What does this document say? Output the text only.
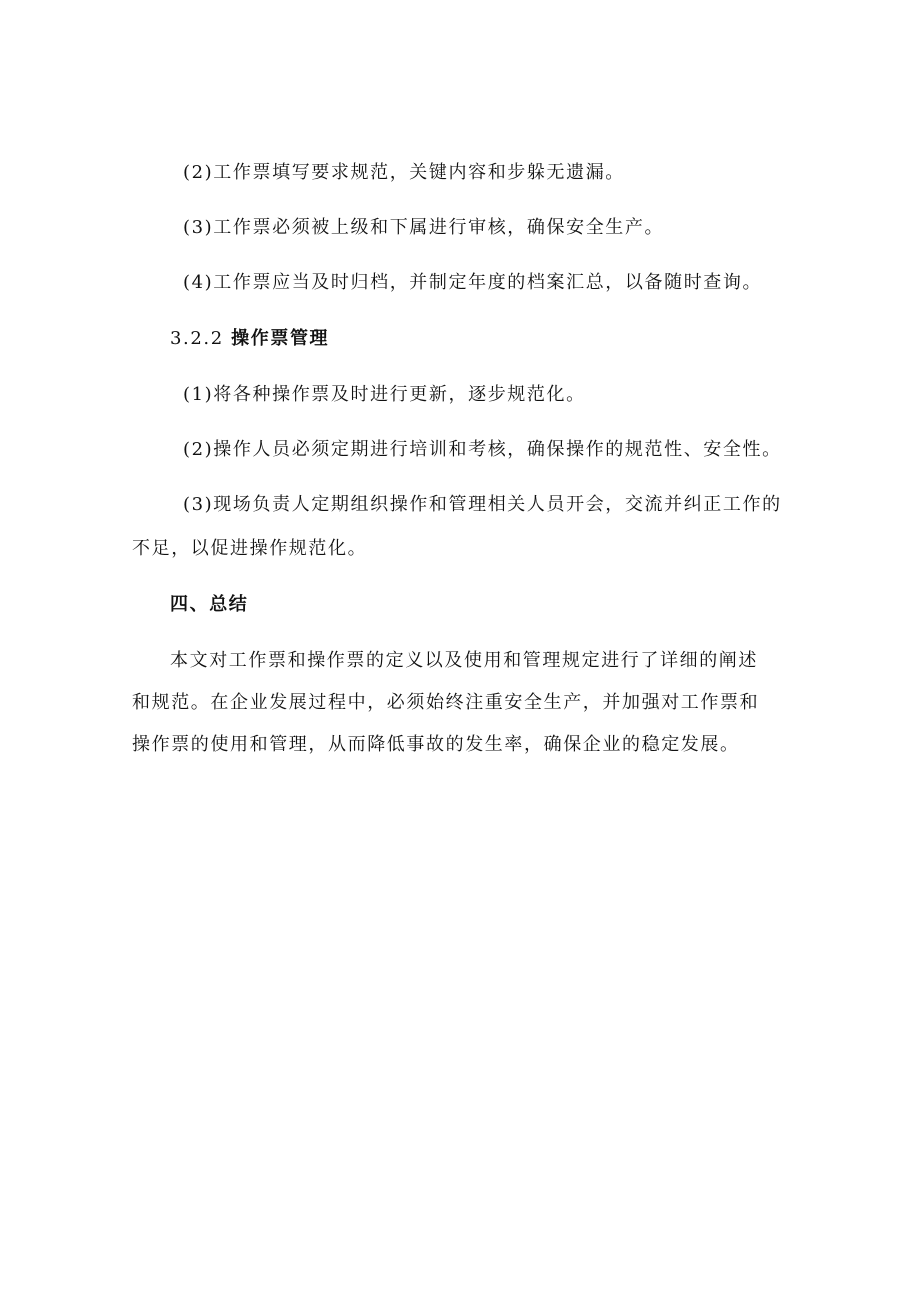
(2)工作票填写要求规范，关键内容和步躲无遗漏。
(3)工作票必须被上级和下属进行审核，确保安全生产。
(4)工作票应当及时归档，并制定年度的档案汇总，以备随时查询。
3.2.2 操作票管理
(1)将各种操作票及时进行更新，逐步规范化。
(2)操作人员必须定期进行培训和考核，确保操作的规范性、安全性。
(3)现场负责人定期组织操作和管理相关人员开会，交流并纠正工作的
不足，以促进操作规范化。
四、总结
本文对工作票和操作票的定义以及使用和管理规定进行了详细的阐述
和规范。在企业发展过程中，必须始终注重安全生产，并加强对工作票和
操作票的使用和管理，从而降低事故的发生率，确保企业的稳定发展。
